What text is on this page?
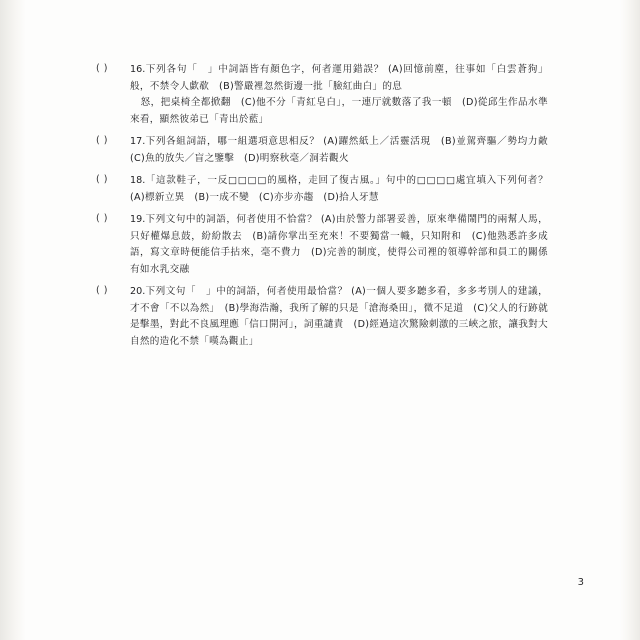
( )	16.下列各句「　」中詞語皆有顏色字，何者運用錯誤？ (A)回憶前塵，往事如「白雲蒼狗」般，不禁令人歔欷　(B)警嚴裡忽然街邊一批「臉紅曲白」的息
怒，把桌椅全都掀翻　(C)他不分「青紅皂白」，一連厅就數落了我一頓　(D)從邱生作品水準來看，顯然彼弟已「青出於藍」
( )	17.下列各組詞語，哪一組選項意思相反？ (A)躍然紙上／活靈活現　(B)並駕齊驅／勢均力敵　(C)魚的放失／盲之鑒擊　(D)明察秋毫／洞若觀火
( )	18.「這款鞋子，一反□□□□的風格，走回了復古風。」句中的□□□□處宜填入下列何者？ (A)標新立異　(B)一成不變　(C)亦步亦趨　(D)拾人牙慧
( )	19.下列文句中的詞語，何者使用不恰當？ (A)由於警力部署妥善，原來準備鬧門的兩幫人馬，只好權爆息鼓，紛紛散去　(B)請你掌出至充來！不要獨當一幟，只知附和　(C)他熟悉許多成語，寫文章時便能信手拈來，毫不費力　(D)完善的制度，使得公司裡的領導幹部和員工的關係有如水乳交融
( )	20.下列文句「　」中的詞語，何者使用最恰當？ (A)一個人要多聽多看，多多考別人的建議，才不會「不以為然」　(B)學海浩瀚，我所了解的只是「滄海桑田」，微不足道　(C)父人的行跡就是擊墨，對此不良風理應「信口開河」，詞重譴責　(D)經過這次驚險刺激的三峽之旅，讓我對大自然的造化不禁「嘆為觀止」
3
